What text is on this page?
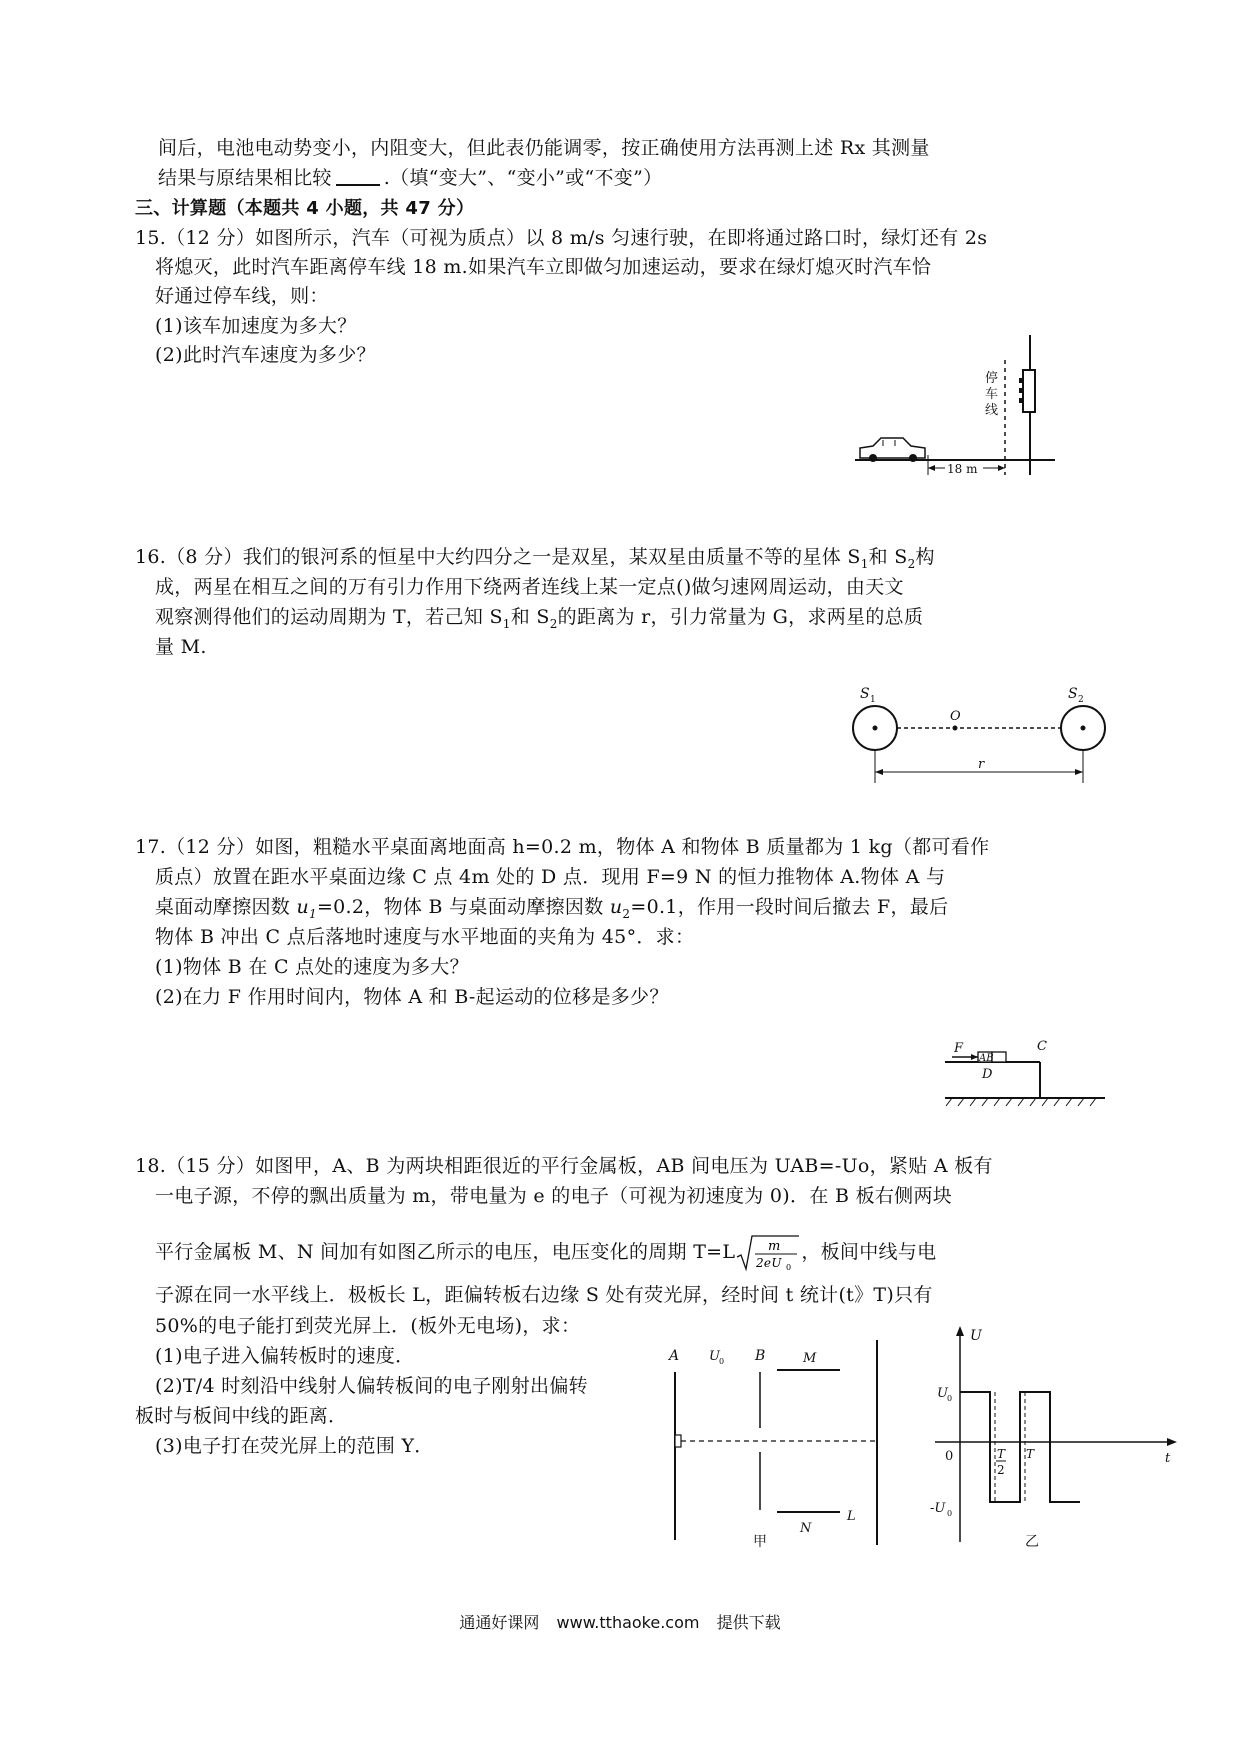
间后，电池电动势变小，内阻变大，但此表仍能调零，按正确使用方法再测上述 Rx 其测量
结果与原结果相比较	.（填“变大”、“变小”或“不变”）
三、计算题（本题共 4 小题，共 47 分）
15.（12 分）如图所示，汽车（可视为质点）以 8 m/s 匀速行驶，在即将通过路口时，绿灯还有 2s
将熄灭，此时汽车距离停车线 18 m.如果汽车立即做匀加速运动，要求在绿灯熄灭时汽车恰
好通过停车线，则：
(1)该车加速度为多大？
(2)此时汽车速度为多少？
停
车
线
18 m
16.（8 分）我们的银河系的恒星中大约四分之一是双星，某双星由质量不等的星体 $S_1$和 $S_2$构
成，两星在相互之间的万有引力作用下绕两者连线上某一定点()做匀速网周运动，由天文
观察测得他们的运动周期为 T，若己知 $S_1$和 $S_2$的距离为 r，引力常量为 G，求两星的总质
量 M.
S 1	S 2
O
r
17.（12 分）如图，粗糙水平桌面离地面高 h=0.2 m，物体 A 和物体 B 质量都为 1 kg（都可看作
质点）放置在距水平桌面边缘 C 点 4m 处的 D 点．现用 F=9 N 的恒力推物体 A.物体 A 与
桌面动摩擦因数 $u_1=0.2$，物体 B 与桌面动摩擦因数 $u_2=0.1$，作用一段时间后撤去 F，最后
物体 B 冲出 C 点后落地时速度与水平地面的夹角为 45°．求：
(1)物体 B 在 C 点处的速度为多大？
(2)在力 F 作用时间内，物体 A 和 B-起运动的位移是多少？
AB
F	C
D
18.（15 分）如图甲，A、B 为两块相距很近的平行金属板，AB 间电压为 UAB=-Uo，紧贴 A 板有
一电子源，不停的飘出质量为 m，带电量为 e 的电子（可视为初速度为 0)．在 B 板右侧两块
平行金属板 M、N 间加有如图乙所示的电压，电压变化的周期 T=L	m
2eU 0
，板间中线与电
子源在同一水平线上．极板长 L，距偏转板右边缘 S 处有荧光屏，经时间 t 统计(t》T)只有
50%的电子能打到荧光屏上．(板外无电场)，求：
(1)电子进入偏转板时的速度．
(2)T/4 时刻沿中线射人偏转板间的电子刚射出偏转
板时与板间中线的距离．
(3)电子打在荧光屏上的范围 Y．
A U 0 B	M
N
L
甲
U
t
U 0
0
-U 0
T
2
T
乙
通通好课网 www.tthaoke.com 提供下载
